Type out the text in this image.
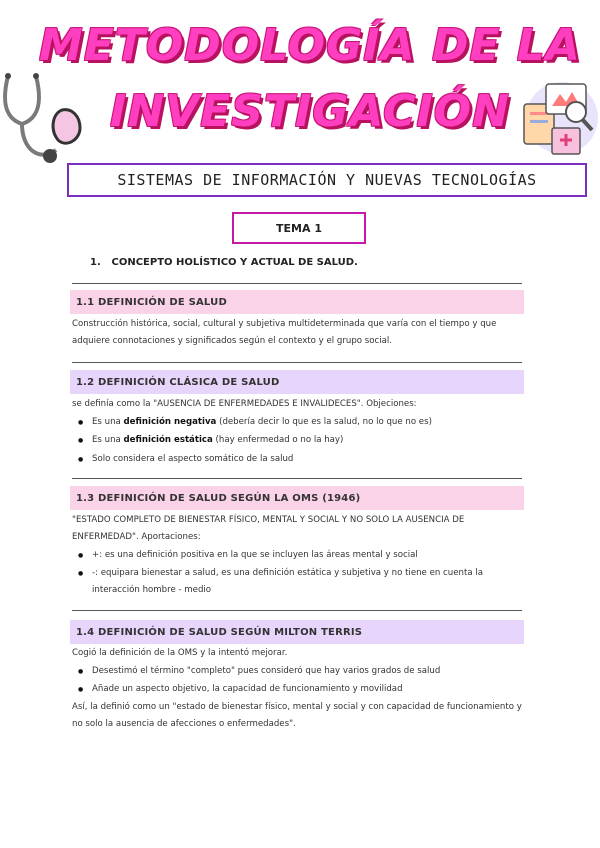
METODOLOGÍA DE LA
INVESTIGACIÓN
SISTEMAS DE INFORMACIÓN Y NUEVAS TECNOLOGÍAS
TEMA 1
1. CONCEPTO HOLÍSTICO Y ACTUAL DE SALUD.
1.1 DEFINICIÓN DE SALUD
Construcción histórica, social, cultural y subjetiva multideterminada que varía con el tiempo y que adquiere connotaciones y significados según el contexto y el grupo social.
1.2 DEFINICIÓN CLÁSICA DE SALUD
se definía como la "AUSENCIA DE ENFERMEDADES E INVALIDECES". Objeciones:
● Es una definición negativa (debería decir lo que es la salud, no lo que no es)
● Es una definición estática (hay enfermedad o no la hay)
● Solo considera el aspecto somático de la salud
1.3 DEFINICIÓN DE SALUD SEGÚN LA OMS (1946)
"ESTADO COMPLETO DE BIENESTAR FÍSICO, MENTAL Y SOCIAL Y NO SOLO LA AUSENCIA DE ENFERMEDAD". Aportaciones:
● +: es una definición positiva en la que se incluyen las áreas mental y social
● -: equipara bienestar a salud, es una definición estática y subjetiva y no tiene en cuenta la interacción hombre - medio
1.4 DEFINICIÓN DE SALUD SEGÚN MILTON TERRIS
Cogió la definición de la OMS y la intentó mejorar.
● Desestimó el término "completo" pues consideró que hay varios grados de salud
● Añade un aspecto objetivo, la capacidad de funcionamiento y movilidad
Así, la definió como un "estado de bienestar físico, mental y social y con capacidad de funcionamiento y no solo la ausencia de afecciones o enfermedades".
